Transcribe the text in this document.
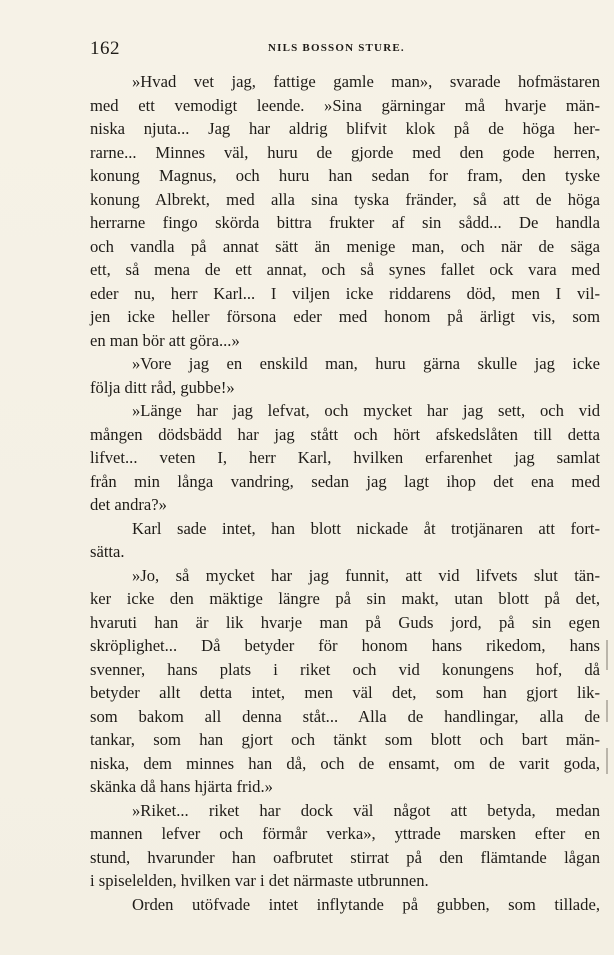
162	NILS BOSSON STURE.
»Hvad vet jag, fattige gamle man», svarade hofmästaren
med ett vemodigt leende. »Sina gärningar må hvarje män-
niska njuta... Jag har aldrig blifvit klok på de höga her-
rarne... Minnes väl, huru de gjorde med den gode herren,
konung Magnus, och huru han sedan for fram, den tyske
konung Albrekt, med alla sina tyska fränder, så att de höga
herrarne fingo skörda bittra frukter af sin sådd... De handla
och vandla på annat sätt än menige man, och när de säga
ett, så mena de ett annat, och så synes fallet ock vara med
eder nu, herr Karl... I viljen icke riddarens död, men I vil-
jen icke heller försona eder med honom på ärligt vis, som
en man bör att göra...»
»Vore jag en enskild man, huru gärna skulle jag icke
följa ditt råd, gubbe!»
»Länge har jag lefvat, och mycket har jag sett, och vid
mången dödsbädd har jag stått och hört afskedslåten till detta
lifvet... veten I, herr Karl, hvilken erfarenhet jag samlat
från min långa vandring, sedan jag lagt ihop det ena med
det andra?»
Karl sade intet, han blott nickade åt trotjänaren att fort-
sätta.
»Jo, så mycket har jag funnit, att vid lifvets slut tän-
ker icke den mäktige längre på sin makt, utan blott på det,
hvaruti han är lik hvarje man på Guds jord, på sin egen
skröplighet... Då betyder för honom hans rikedom, hans
svenner, hans plats i riket och vid konungens hof, då
betyder allt detta intet, men väl det, som han gjort lik-
som bakom all denna ståt... Alla de handlingar, alla de
tankar, som han gjort och tänkt som blott och bart män-
niska, dem minnes han då, och de ensamt, om de varit goda,
skänka då hans hjärta frid.»
»Riket... riket har dock väl något att betyda, medan
mannen lefver och förmår verka», yttrade marsken efter en
stund, hvarunder han oafbrutet stirrat på den flämtande lågan
i spiselelden, hvilken var i det närmaste utbrunnen.
Orden utöfvade intet inflytande på gubben, som tillade,
